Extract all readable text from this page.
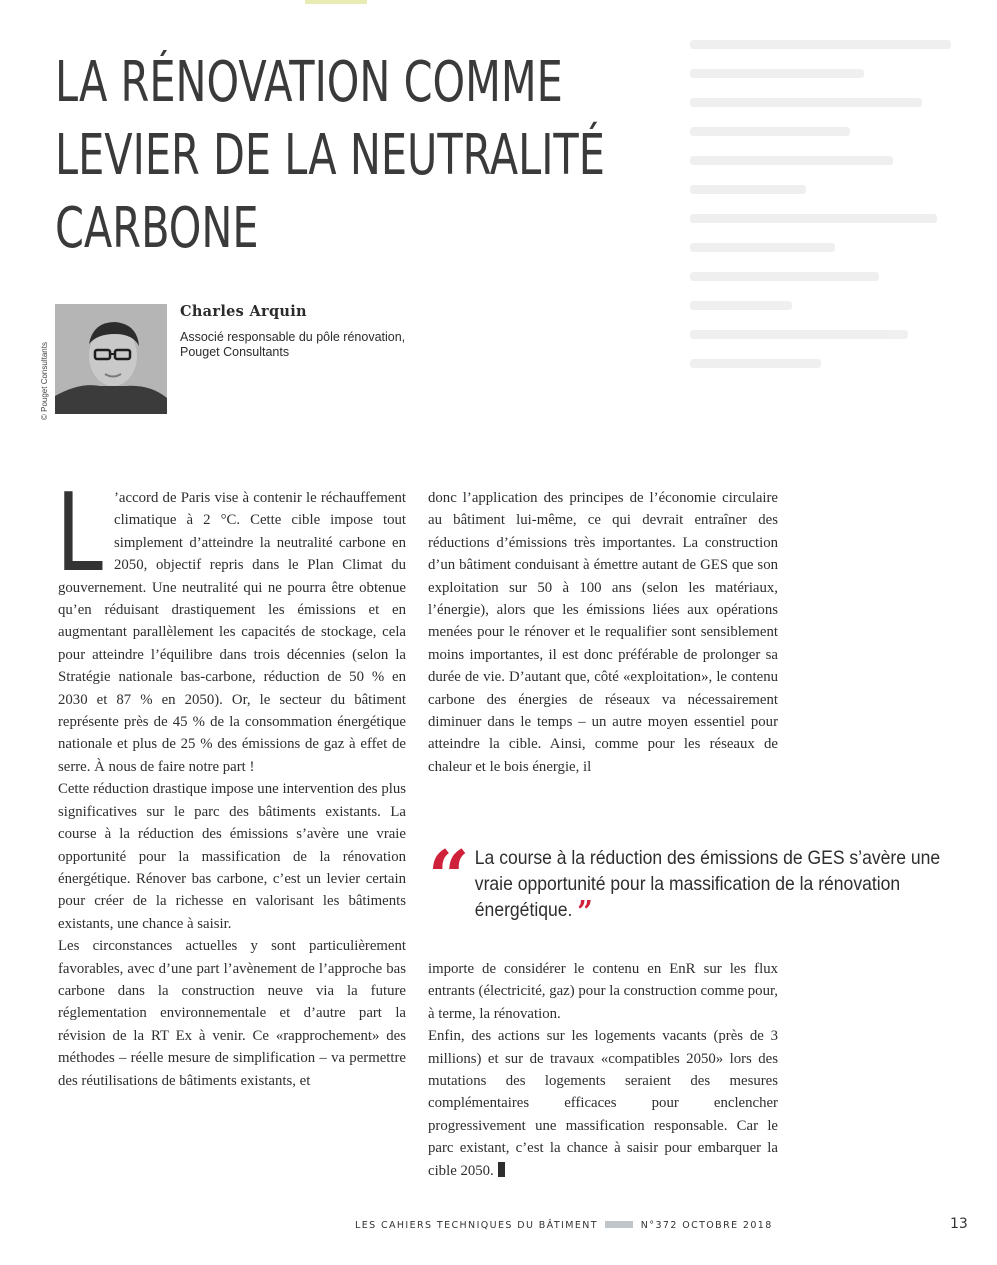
LA RÉNOVATION COMME
LEVIER DE LA NEUTRALITÉ
CARBONE
© Pouget Consultants
Charles Arquin
Associé responsable du pôle rénovation, Pouget Consultants
L ’accord de Paris vise à contenir le réchauffement climatique à 2 °C. Cette cible impose tout simplement d’atteindre la neutralité carbone en 2050, objectif repris dans le Plan Climat du gouvernement. Une neutralité qui ne pourra être obtenue qu’en réduisant drastiquement les émissions et en augmentant parallèlement les capacités de stockage, cela pour atteindre l’équilibre dans trois décennies (selon la Stratégie nationale bas-carbone, réduction de 50 % en 2030 et 87 % en 2050). Or, le secteur du bâtiment représente près de 45 % de la consommation énergétique nationale et plus de 25 % des émissions de gaz à effet de serre. À nous de faire notre part !

Cette réduction drastique impose une intervention des plus significatives sur le parc des bâtiments existants. La course à la réduction des émissions s’avère une vraie opportunité pour la massification de la rénovation énergétique. Rénover bas carbone, c’est un levier certain pour créer de la richesse en valorisant les bâtiments existants, une chance à saisir.

Les circonstances actuelles y sont particulièrement favorables, avec d’une part l’avènement de l’approche bas carbone dans la construction neuve via la future réglementation environnementale et d’autre part la révision de la RT Ex à venir. Ce «rapprochement» des méthodes – réelle mesure de simplification – va permettre des réutilisations de bâtiments existants, et

donc l’application des principes de l’économie circulaire au bâtiment lui-même, ce qui devrait entraîner des réductions d’émissions très importantes. La construction d’un bâtiment conduisant à émettre autant de GES que son exploitation sur 50 à 100 ans (selon les matériaux, l’énergie), alors que les émissions liées aux opérations menées pour le rénover et le requalifier sont sensiblement moins importantes, il est donc préférable de prolonger sa durée de vie. D’autant que, côté «exploitation», le contenu carbone des énergies de réseaux va nécessairement diminuer dans le temps – un autre moyen essentiel pour atteindre la cible. Ainsi, comme pour les réseaux de chaleur et le bois énergie, il

“ La course à la réduction des émissions de GES s’avère une vraie opportunité pour la massification de la rénovation énergétique. ”

importe de considérer le contenu en EnR sur les flux entrants (électricité, gaz) pour la construction comme pour, à terme, la rénovation.

Enfin, des actions sur les logements vacants (près de 3 millions) et sur de travaux «compatibles 2050» lors des mutations des logements seraient des mesures complémentaires efficaces pour enclencher progressivement une massification responsable. Car le parc existant, c’est la chance à saisir pour embarquer la cible 2050.

LES CAHIERS TECHNIQUES DU BÂTIMENT	N°372 OCTOBRE 2018	13
